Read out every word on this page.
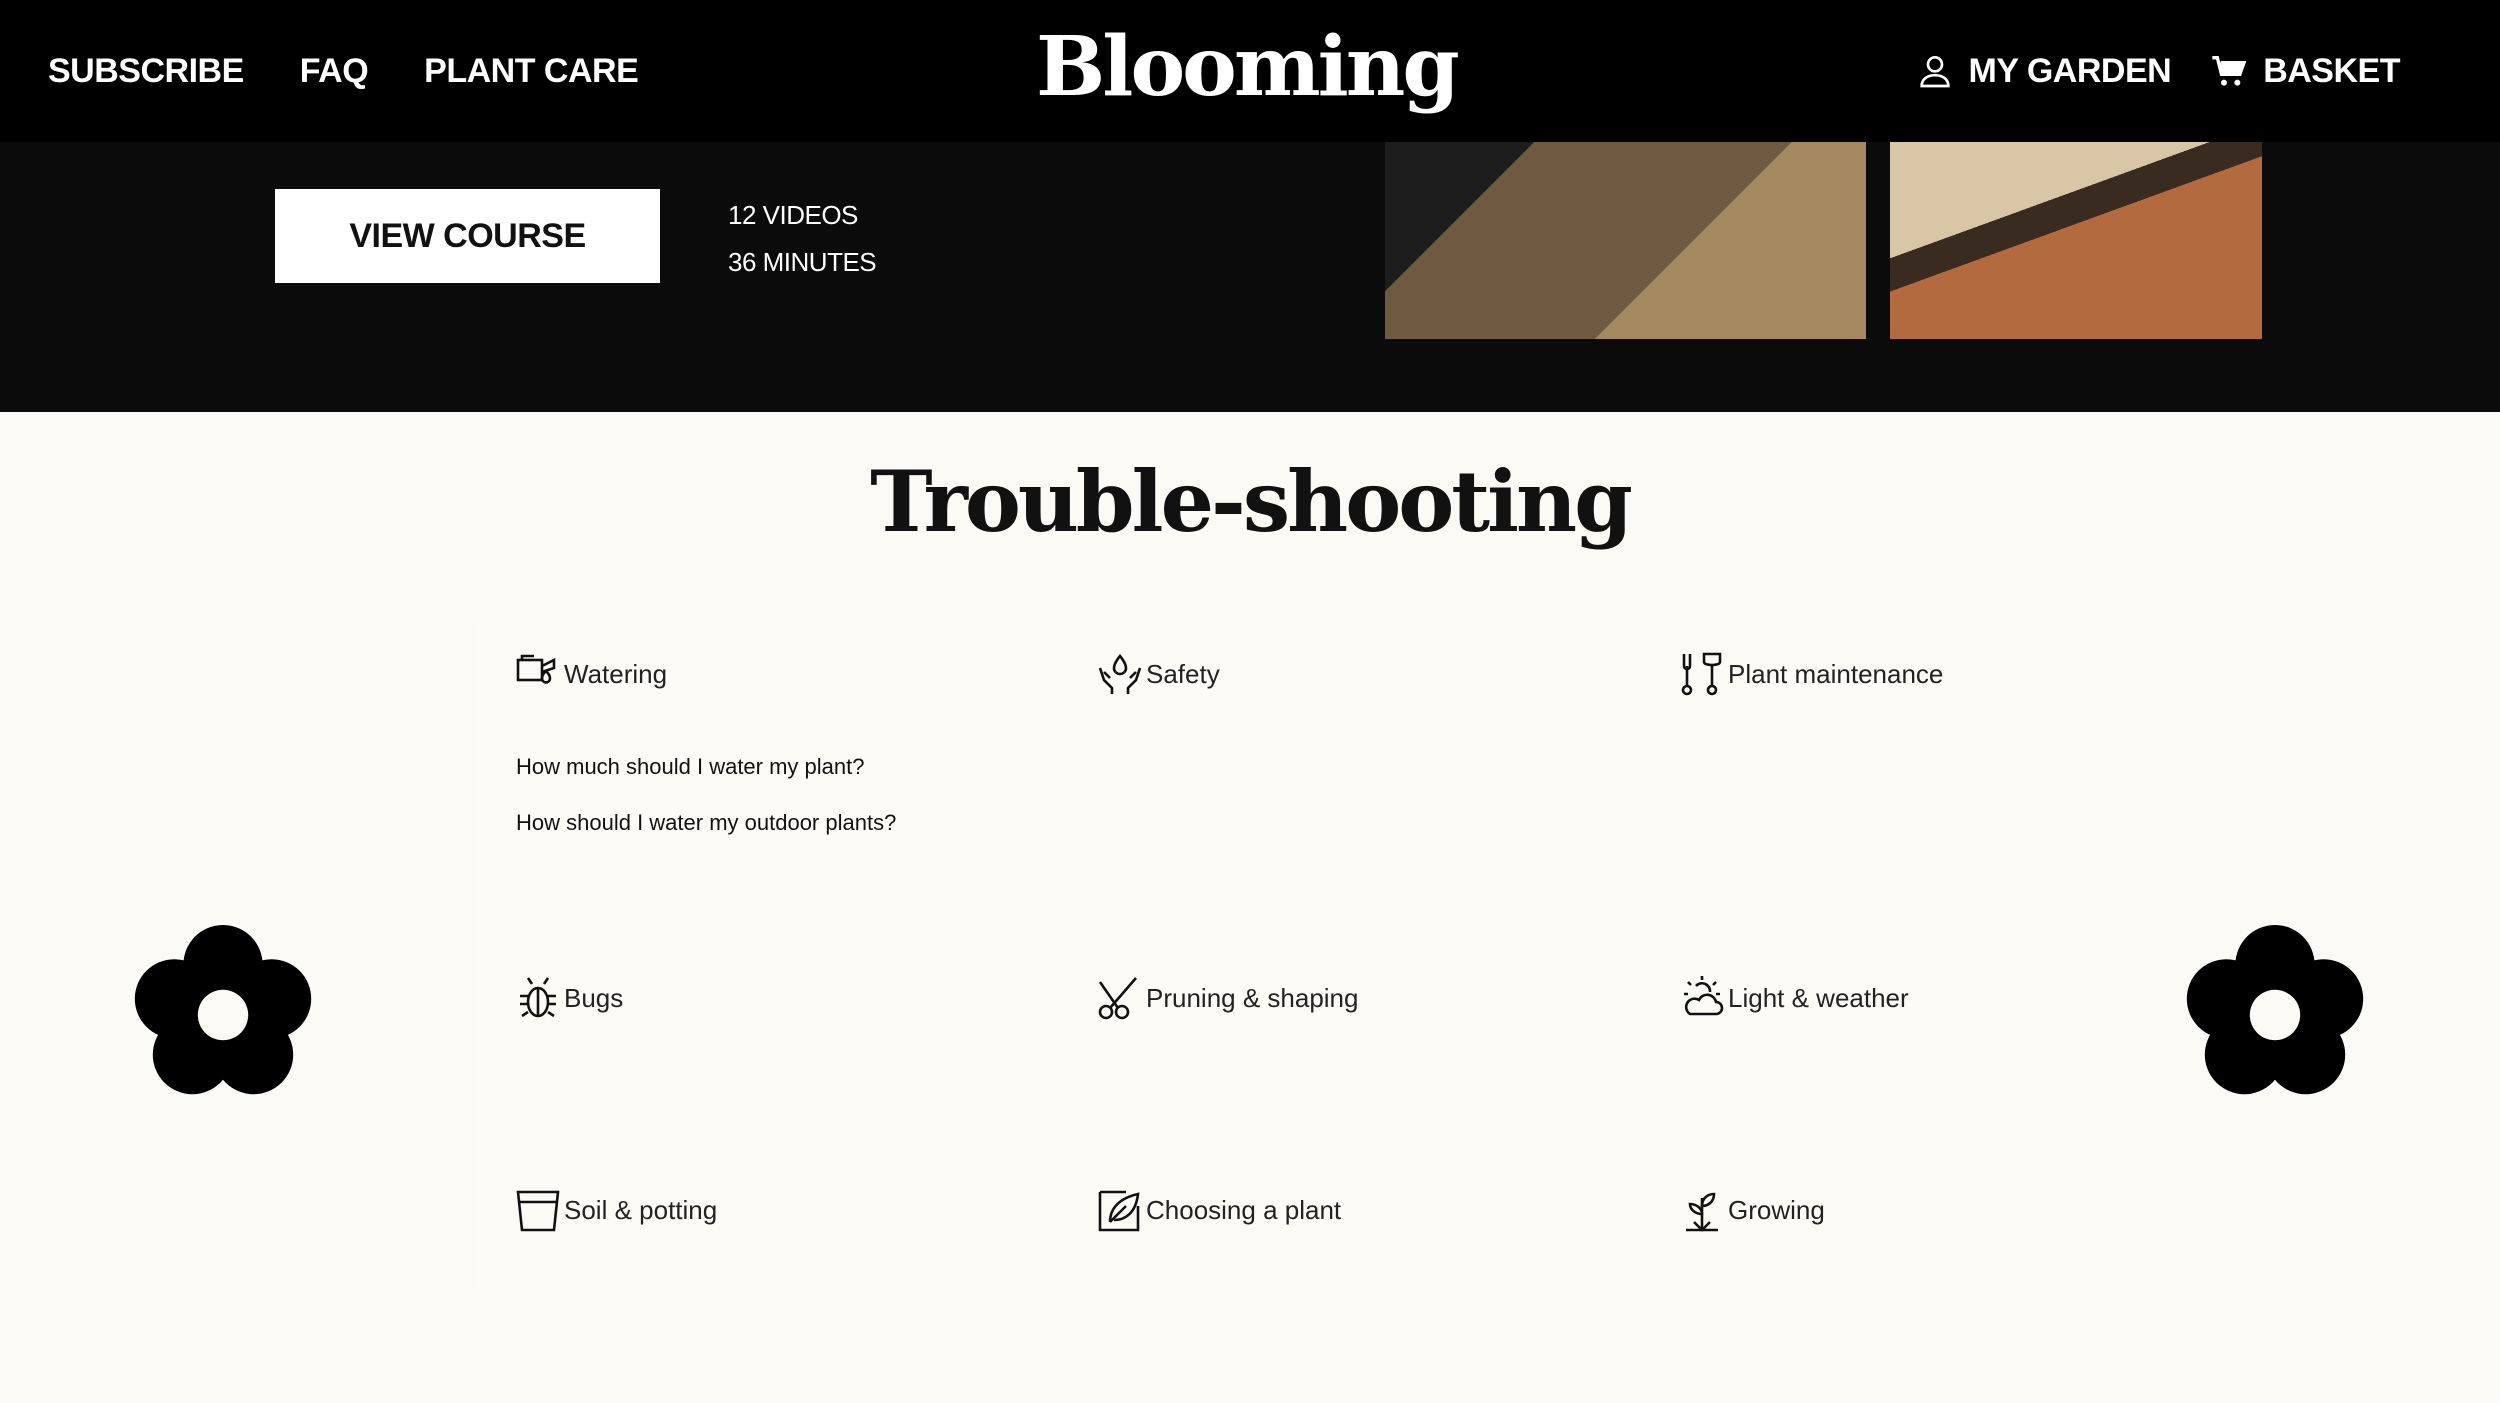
SUBSCRIBE FAQ PLANT CARE	Blooming	MY GARDEN	BASKET
VIEW COURSE
12 VIDEOS
36 MINUTES
Trouble-shooting
Watering	Safety	Plant maintenance
How much should I water my plant?
How should I water my outdoor plants?
Bugs	Pruning & shaping	Light & weather
Soil & potting	Choosing a plant	Growing
